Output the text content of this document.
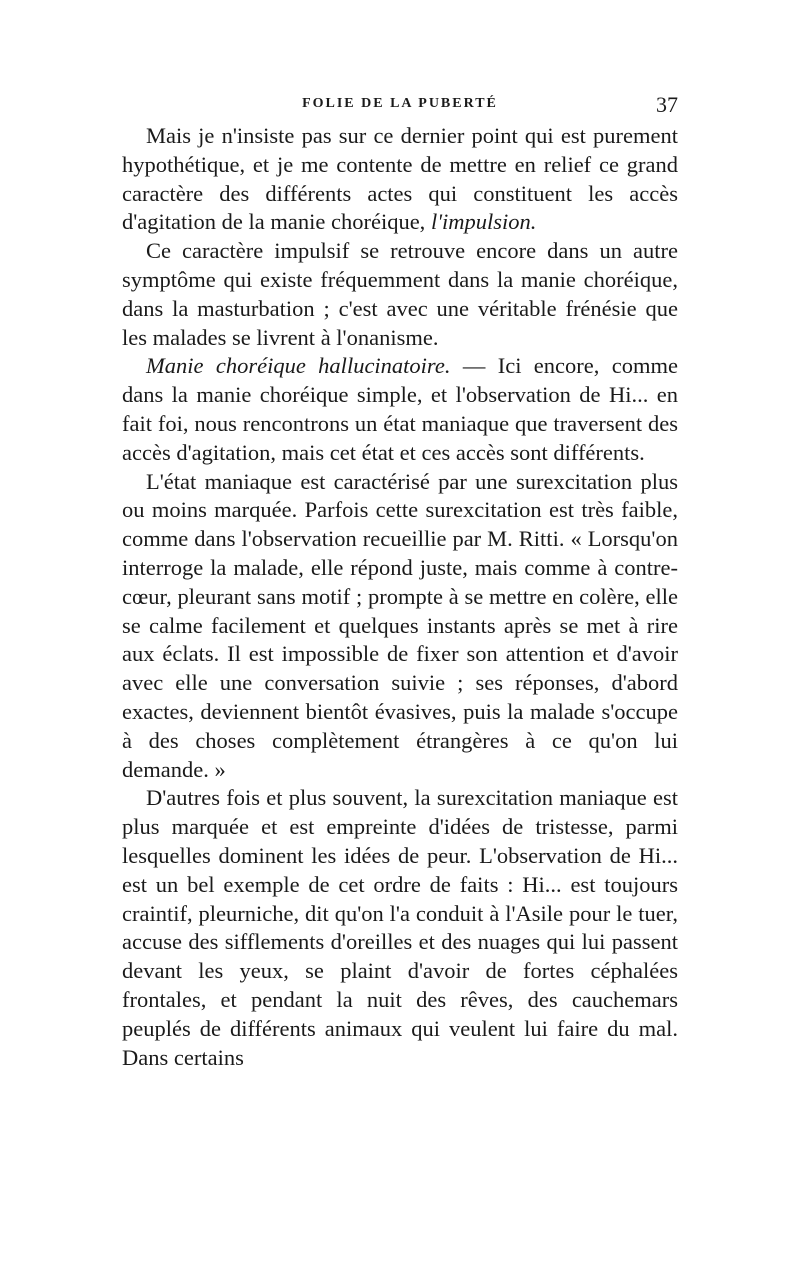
FOLIE DE LA PUBERTÉ	37

Mais je n'insiste pas sur ce dernier point qui est purement hypothétique, et je me contente de mettre en relief ce grand caractère des différents actes qui constituent les accès d'agitation de la manie choréique, l'impulsion.

Ce caractère impulsif se retrouve encore dans un autre symptôme qui existe fréquemment dans la manie choréique, dans la masturbation ; c'est avec une véritable frénésie que les malades se livrent à l'onanisme.

Manie choréique hallucinatoire. — Ici encore, comme dans la manie choréique simple, et l'observation de Hi... en fait foi, nous rencontrons un état maniaque que traversent des accès d'agitation, mais cet état et ces accès sont différents.

L'état maniaque est caractérisé par une surexcitation plus ou moins marquée. Parfois cette surexcitation est très faible, comme dans l'observation recueillie par M. Ritti. « Lorsqu'on interroge la malade, elle répond juste, mais comme à contre-cœur, pleurant sans motif ; prompte à se mettre en colère, elle se calme facilement et quelques instants après se met à rire aux éclats. Il est impossible de fixer son attention et d'avoir avec elle une conversation suivie ; ses réponses, d'abord exactes, deviennent bientôt évasives, puis la malade s'occupe à des choses complètement étrangères à ce qu'on lui demande. »

D'autres fois et plus souvent, la surexcitation maniaque est plus marquée et est empreinte d'idées de tristesse, parmi lesquelles dominent les idées de peur. L'observation de Hi... est un bel exemple de cet ordre de faits : Hi... est toujours craintif, pleurniche, dit qu'on l'a conduit à l'Asile pour le tuer, accuse des sifflements d'oreilles et des nuages qui lui passent devant les yeux, se plaint d'avoir de fortes céphalées frontales, et pendant la nuit des rêves, des cauchemars peuplés de différents animaux qui veulent lui faire du mal. Dans certains
